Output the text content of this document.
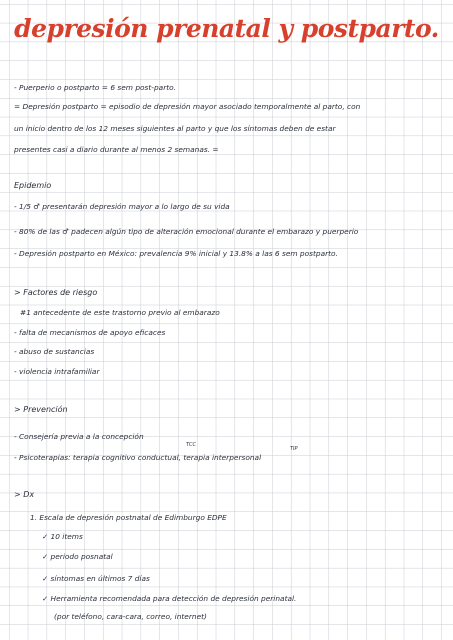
depresión prenatal y postparto.
- Puerperio o postparto = 6 sem post-parto.
= Depresión postparto = episodio de depresión mayor asociado temporalmente al parto, con
un inicio dentro de los 12 meses siguientes al parto y que los síntomas deben de estar
presentes casi a diario durante al menos 2 semanas. =
Epidemio
- 1/5 ♂ presentarán depresión mayor a lo largo de su vida
- 80% de las ♂ padecen algún tipo de alteración emocional durante el embarazo y puerperio
- Depresión postparto en México: prevalencia 9% inicial y 13.8% a las 6 sem postparto.
> Factores de riesgo
#1 antecedente de este trastorno previo al embarazo
- falta de mecanismos de apoyo eficaces
- abuso de sustancias
- violencia intrafamiliar
> Prevención
- Consejería previa a la concepción
- Psicoterapias: terapia cognitivo conductual, terapia interpersonal
TCC
TIP
> Dx
1. Escala de depresión postnatal de Edimburgo EDPE
✓ 10 items
✓ periodo posnatal
✓ síntomas en últimos 7 días
✓ Herramienta recomendada para detección de depresión perinatal.
(por teléfono, cara-cara, correo, internet)
